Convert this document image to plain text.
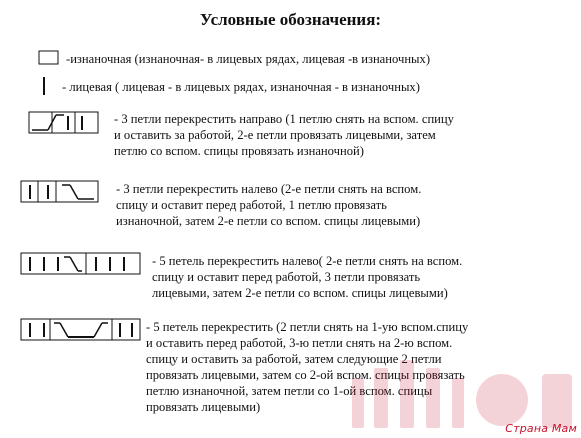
Условные обозначения:
-изнаночная (изнаночная- в лицевых рядах, лицевая -в изнаночных)
- лицевая ( лицевая - в лицевых рядах, изнаночная - в изнаночных)
- 3 петли перекрестить направо (1 петлю снять на вспом. спицу
и оставить за работой, 2-е петли провязать лицевыми, затем
петлю со вспом. спицы провязать изнаночной)
- 3 петли перекрестить налево (2-е петли снять на вспом.
спицу и оставит перед работой, 1 петлю провязать
изнаночной, затем 2-е петли со вспом. спицы лицевыми)
- 5 петель перекрестить налево( 2-е петли снять на вспом.
спицу и оставит перед работой, 3 петли провязать
лицевыми, затем 2-е петли со вспом. спицы лицевыми)
- 5 петель перекрестить (2 петли снять на 1-ую вспом.спицу
и оставить перед работой, 3-ю петли снять на 2-ю вспом.
спицу и оставить за работой, затем следующие 2 петли
провязать лицевыми, затем со 2-ой вспом. спицы провязать
петлю изнаночной, затем петли со 1-ой вспом. спицы
провязать лицевыми)
Страна Мам
